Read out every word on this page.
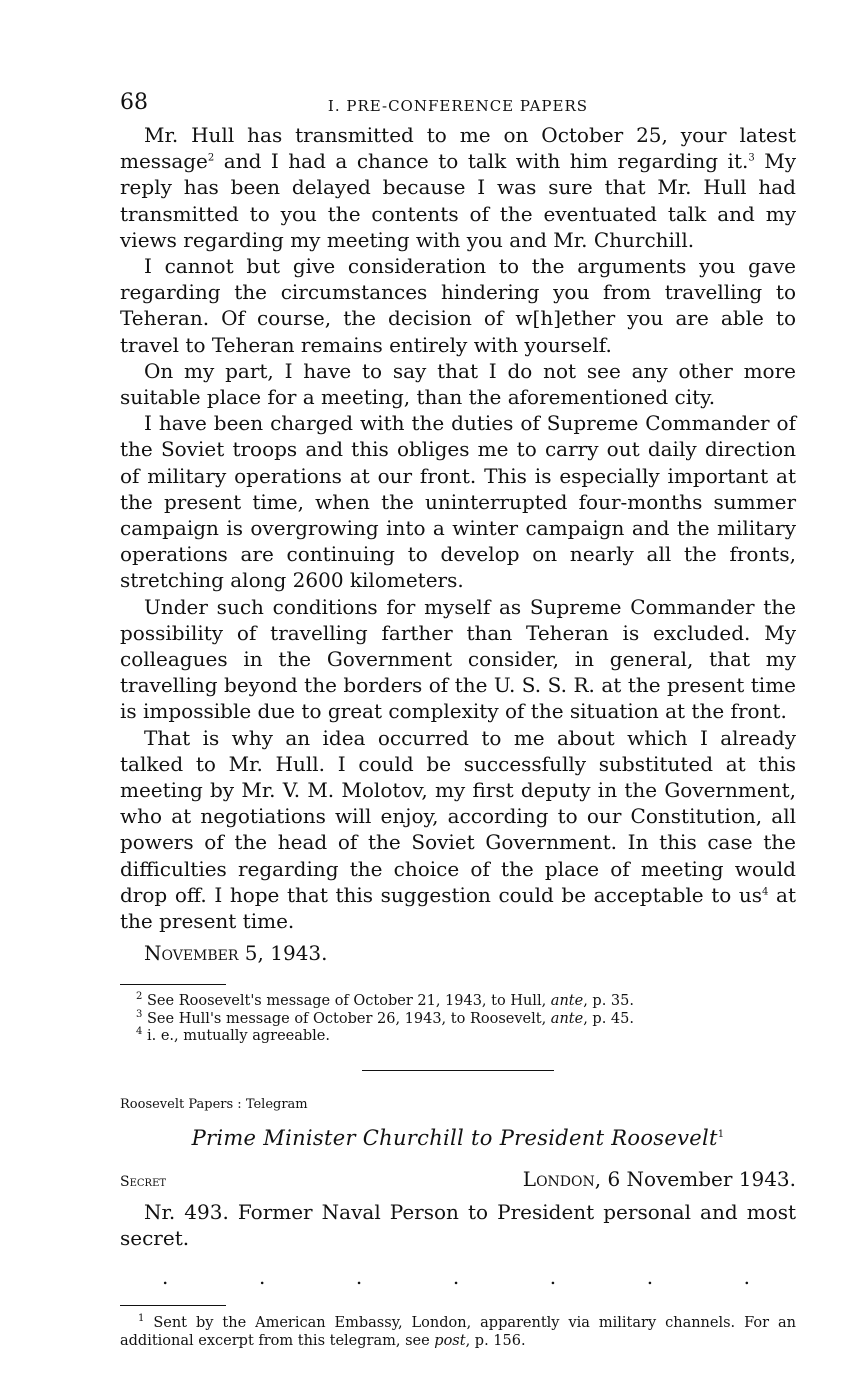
68	I. PRE-CONFERENCE PAPERS

Mr. Hull has transmitted to me on October 25, your latest message$^2$ and I had a chance to talk with him regarding it.$^3$ My reply has been delayed because I was sure that Mr. Hull had transmitted to you the contents of the eventuated talk and my views regarding my meeting with you and Mr. Churchill.

I cannot but give consideration to the arguments you gave regarding the circumstances hindering you from travelling to Teheran. Of course, the decision of w[h]ether you are able to travel to Teheran remains entirely with yourself.

On my part, I have to say that I do not see any other more suitable place for a meeting, than the aforementioned city.

I have been charged with the duties of Supreme Commander of the Soviet troops and this obliges me to carry out daily direction of military operations at our front. This is especially important at the present time, when the uninterrupted four-months summer campaign is overgrowing into a winter campaign and the military operations are continuing to develop on nearly all the fronts, stretching along 2600 kilometers.

Under such conditions for myself as Supreme Commander the possibility of travelling farther than Teheran is excluded. My colleagues in the Government consider, in general, that my travelling beyond the borders of the U. S. S. R. at the present time is impossible due to great complexity of the situation at the front.

That is why an idea occurred to me about which I already talked to Mr. Hull. I could be successfully substituted at this meeting by Mr. V. M. Molotov, my first deputy in the Government, who at negotiations will enjoy, according to our Constitution, all powers of the head of the Soviet Government. In this case the difficulties regarding the choice of the place of meeting would drop off. I hope that this suggestion could be acceptable to $us^4$ at the present time.

November 5, 1943.
$^2$ See Roosevelt's message of October 21, 1943, to Hull, ante, p. 35.
$^3$ See Hull's message of October 26, 1943, to Roosevelt, ante, p. 45.
$^4$ i. e., mutually agreeable.
Roosevelt Papers : Telegram
Prime Minister Churchill to President Roosevelt$^1$
Secret	London, 6 November 1943.

Nr. 493. Former Naval Person to President personal and most secret.

.	.	.	.	.	.	.
$^1$ Sent by the American Embassy, London, apparently via military channels. For an additional excerpt from this telegram, see post, p. 156.
